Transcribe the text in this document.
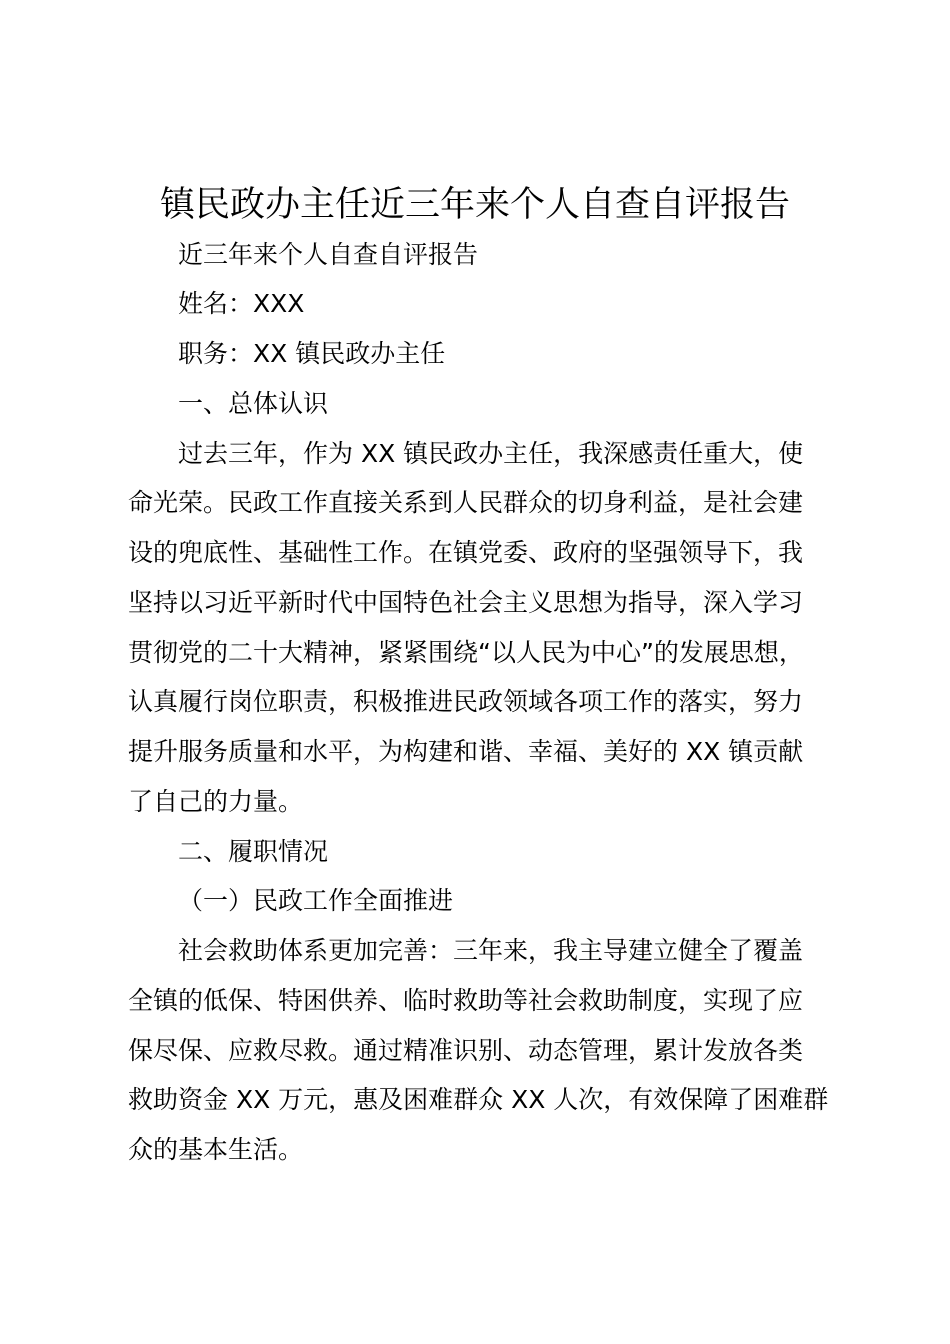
镇民政办主任近三年来个人自查自评报告
近三年来个人自查自评报告
姓名：XXX
职务：XX 镇民政办主任
一、总体认识
过去三年，作为 XX 镇民政办主任，我深感责任重大，使
命光荣。民政工作直接关系到人民群众的切身利益，是社会建
设的兜底性、基础性工作。在镇党委、政府的坚强领导下，我
坚持以习近平新时代中国特色社会主义思想为指导，深入学习
贯彻党的二十大精神，紧紧围绕“以人民为中心”的发展思想，
认真履行岗位职责，积极推进民政领域各项工作的落实，努力
提升服务质量和水平，为构建和谐、幸福、美好的 XX 镇贡献
了自己的力量。
二、履职情况
（一）民政工作全面推进
社会救助体系更加完善：三年来，我主导建立健全了覆盖
全镇的低保、特困供养、临时救助等社会救助制度，实现了应
保尽保、应救尽救。通过精准识别、动态管理，累计发放各类
救助资金 XX 万元，惠及困难群众 XX 人次，有效保障了困难群
众的基本生活。
